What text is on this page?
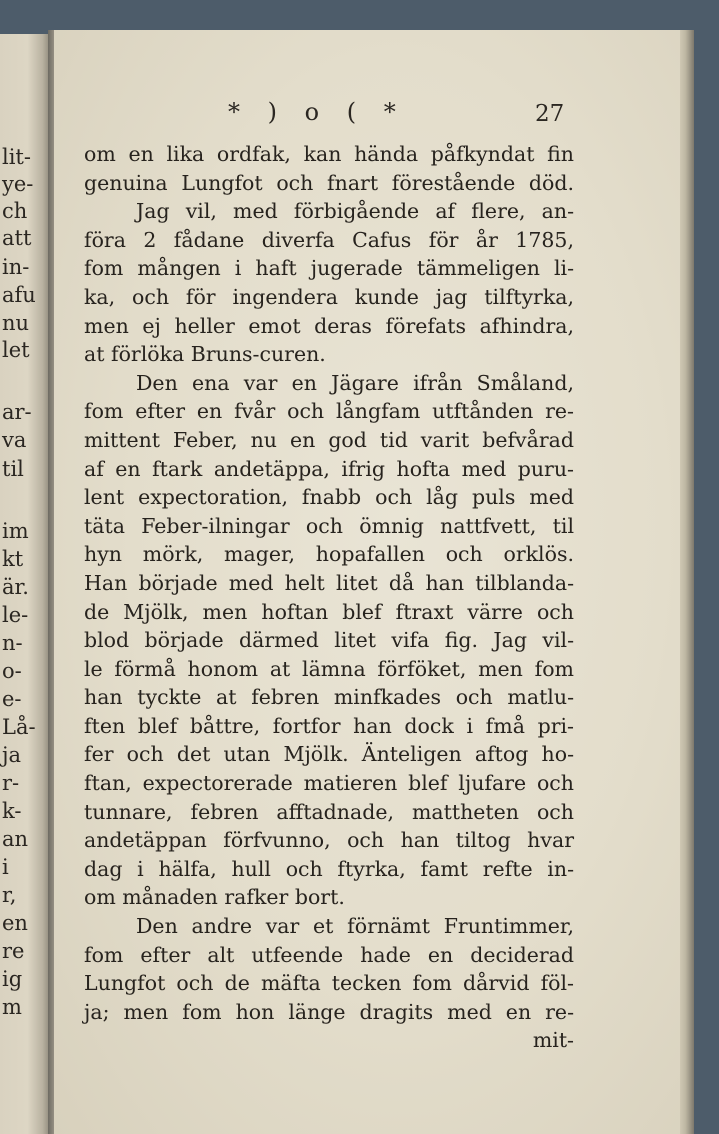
lit-
ye-
ch
att
in-
afu
nu
let
ar-
va
til
im
kt
är.
le-
n-
o-
e-
Lå-
ja
r-
k-
an
i
r,
en
re
ig
m
* ) o ( *	27
om en lika ordfak, kan hända påfkyndat fin
genuina Lungfot och fnart förestående död.
Jag vil, med förbigående af flere, an-
föra 2 fådane diverfa Cafus för år 1785,
fom mången i haft jugerade tämmeligen li-
ka, och för ingendera kunde jag tilftyrka,
men ej heller emot deras förefats afhindra,
at förlöka Bruns-curen.
Den ena var en Jägare ifrån Småland,
fom efter en fvår och långfam utftånden re-
mittent Feber, nu en god tid varit befvårad
af en ftark andetäppa, ifrig hofta med puru-
lent expectoration, fnabb och låg puls med
täta Feber-ilningar och ömnig nattfvett, til
hyn mörk, mager, hopafallen och orklös.
Han började med helt litet då han tilblanda-
de Mjölk, men hoftan blef ftraxt värre och
blod började därmed litet vifa fig. Jag vil-
le förmå honom at lämna förföket, men fom
han tyckte at febren minfkades och matlu-
ften blef båttre, fortfor han dock i fmå pri-
fer och det utan Mjölk. Änteligen aftog ho-
ftan, expectorerade matieren blef ljufare och
tunnare, febren afftadnade, mattheten och
andetäppan förfvunno, och han tiltog hvar
dag i hälfa, hull och ftyrka, famt refte in-
om månaden rafker bort.
Den andre var et förnämt Fruntimmer,
fom efter alt utfeende hade en deciderad
Lungfot och de mäfta tecken fom dårvid föl-
ja; men fom hon länge dragits med en re-
mit-
